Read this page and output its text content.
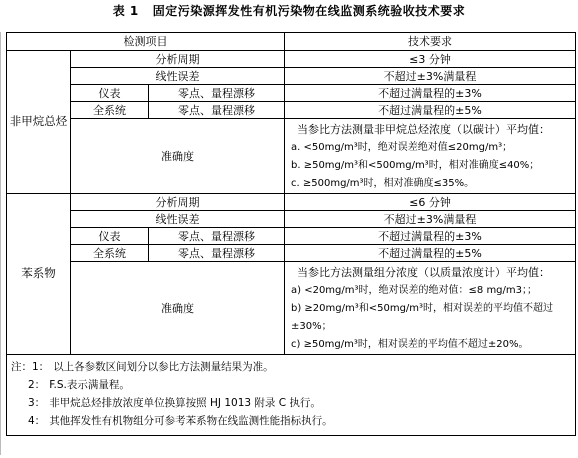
表 1 固定污染源挥发性有机污染物在线监测系统验收技术要求
检测项目			技术要求
非甲烷总烃	分析周期		≤3 分钟
	线性误差		不超过±3%满量程
	仪表	零点、量程漂移	不超过满量程的±3%
	全系统	零点、量程漂移	不超过满量程的±5%
	准确度		当参比方法测量非甲烷总烃浓度（以碳计）平均值：
a. <50mg/m³时，绝对误差绝对值≤20mg/m³；
b. ≥50mg/m³和<500mg/m³时，相对准确度≤40%；
c. ≥500mg/m³时，相对准确度≤35%。

苯系物	分析周期		≤6 分钟
	线性误差		不超过±3%满量程
	仪表	零点、量程漂移	不超过满量程的±3%
	全系统	零点、量程漂移	不超过满量程的±5%
	准确度		当参比方法测量组分浓度（以质量浓度计）平均值：
a) <20mg/m³时，绝对误差的绝对值：≤8 mg/m3；；
b) ≥20mg/m³和<50mg/m³时，相对误差的平均值不超过
±30%；
c) ≥50mg/m³时，相对误差的平均值不超过±20%。

注：1： 以上各参数区间划分以参比方法测量结果为准。
2： F.S.表示满量程。
3： 非甲烷总烃排放浓度单位换算按照 HJ 1013 附录 C 执行。
4： 其他挥发性有机物组分可参考苯系物在线监测性能指标执行。			
